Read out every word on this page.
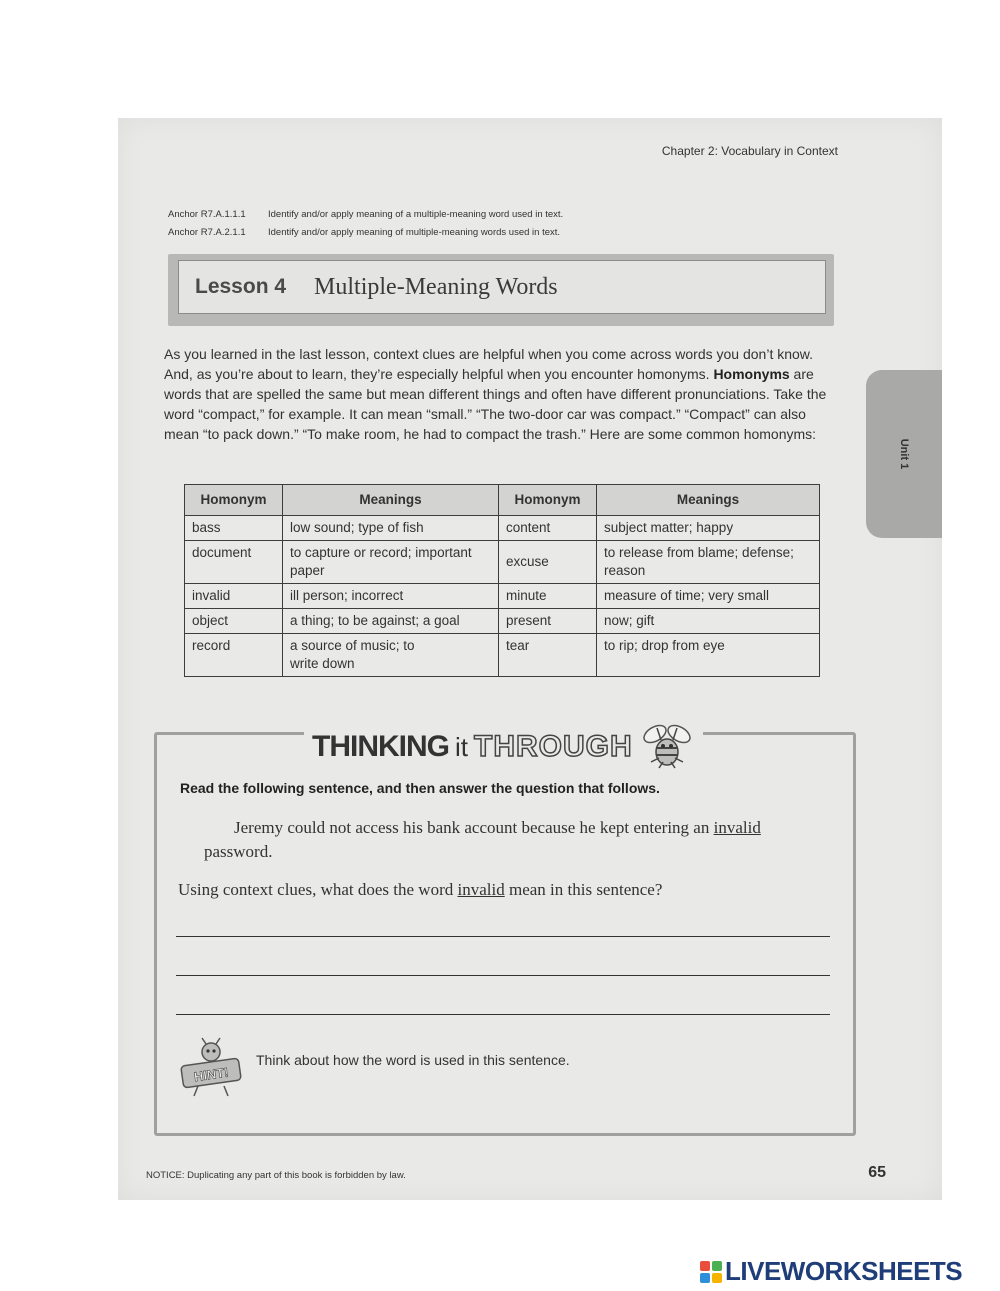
Chapter 2: Vocabulary in Context
Anchor R7.A.1.1.1	Identify and/or apply meaning of a multiple-meaning word used in text.
Anchor R7.A.2.1.1	Identify and/or apply meaning of multiple-meaning words used in text.
Lesson 4 Multiple-Meaning Words

As you learned in the last lesson, context clues are helpful when you come across words you don’t know. And, as you’re about to learn, they’re especially helpful when you encounter homonyms. Homonyms are words that are spelled the same but mean different things and often have different pronunciations. Take the word “compact,” for example. It can mean “small.” “The two-door car was compact.” “Compact” can also mean “to pack down.” “To make room, he had to compact the trash.” Here are some common homonyms:

Unit 1
Homonym	Meanings	Homonym	Meanings
bass	low sound; type of fish	content	subject matter; happy
document	to capture or record; important paper	excuse	to release from blame; defense; reason
invalid	ill person; incorrect	minute	measure of time; very small
object	a thing; to be against; a goal	present	now; gift
record	a source of music; to write down	tear	to rip; drop from eye
THINKING it THROUGH
Read the following sentence, and then answer the question that follows.

Jeremy could not access his bank account because he kept entering an invalid password.

Using context clues, what does the word invalid mean in this sentence?
HINT!
Think about how the word is used in this sentence.
NOTICE: Duplicating any part of this book is forbidden by law.	65
LIVEWORKSHEETS
